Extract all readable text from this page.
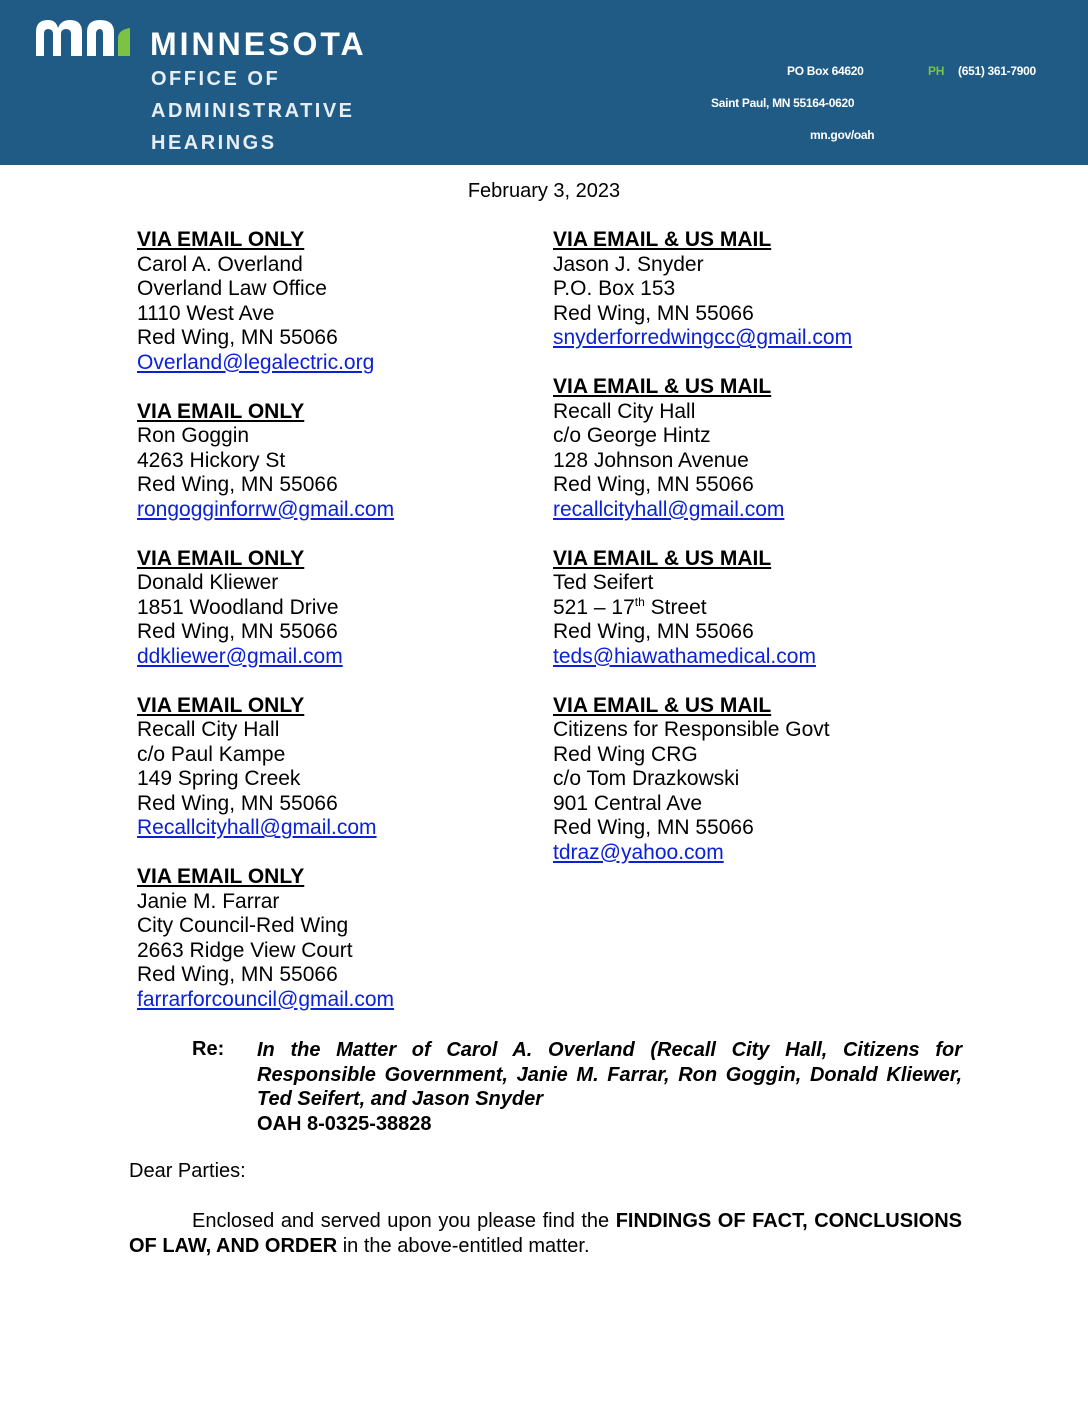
MINNESOTA
OFFICE OF
ADMINISTRATIVE
HEARINGS
PO Box 64620	PH (651) 361-7900
Saint Paul, MN 55164-0620
mn.gov/oah
February 3, 2023
VIA EMAIL ONLY
Carol A. Overland
Overland Law Office
1110 West Ave
Red Wing, MN 55066
Overland@legalectric.org
VIA EMAIL ONLY
Ron Goggin
4263 Hickory St
Red Wing, MN 55066
rongogginforrw@gmail.com
VIA EMAIL ONLY
Donald Kliewer
1851 Woodland Drive
Red Wing, MN 55066
ddkliewer@gmail.com
VIA EMAIL ONLY
Recall City Hall
c/o Paul Kampe
149 Spring Creek
Red Wing, MN 55066
Recallcityhall@gmail.com
VIA EMAIL ONLY
Janie M. Farrar
City Council-Red Wing
2663 Ridge View Court
Red Wing, MN 55066
farrarforcouncil@gmail.com
VIA EMAIL & US MAIL
Jason J. Snyder
P.O. Box 153
Red Wing, MN 55066
snyderforredwingcc@gmail.com
VIA EMAIL & US MAIL
Recall City Hall
c/o George Hintz
128 Johnson Avenue
Red Wing, MN 55066
recallcityhall@gmail.com
VIA EMAIL & US MAIL
Ted Seifert
521 – 17th Street
Red Wing, MN 55066
teds@hiawathamedical.com
VIA EMAIL & US MAIL
Citizens for Responsible Govt
Red Wing CRG
c/o Tom Drazkowski
901 Central Ave
Red Wing, MN 55066
tdraz@yahoo.com
Re: In the Matter of Carol A. Overland (Recall City Hall, Citizens for Responsible Government, Janie M. Farrar, Ron Goggin, Donald Kliewer, Ted Seifert, and Jason Snyder
OAH 8-0325-38828
Dear Parties:
Enclosed and served upon you please find the FINDINGS OF FACT, CONCLUSIONS OF LAW, AND ORDER in the above-entitled matter.
